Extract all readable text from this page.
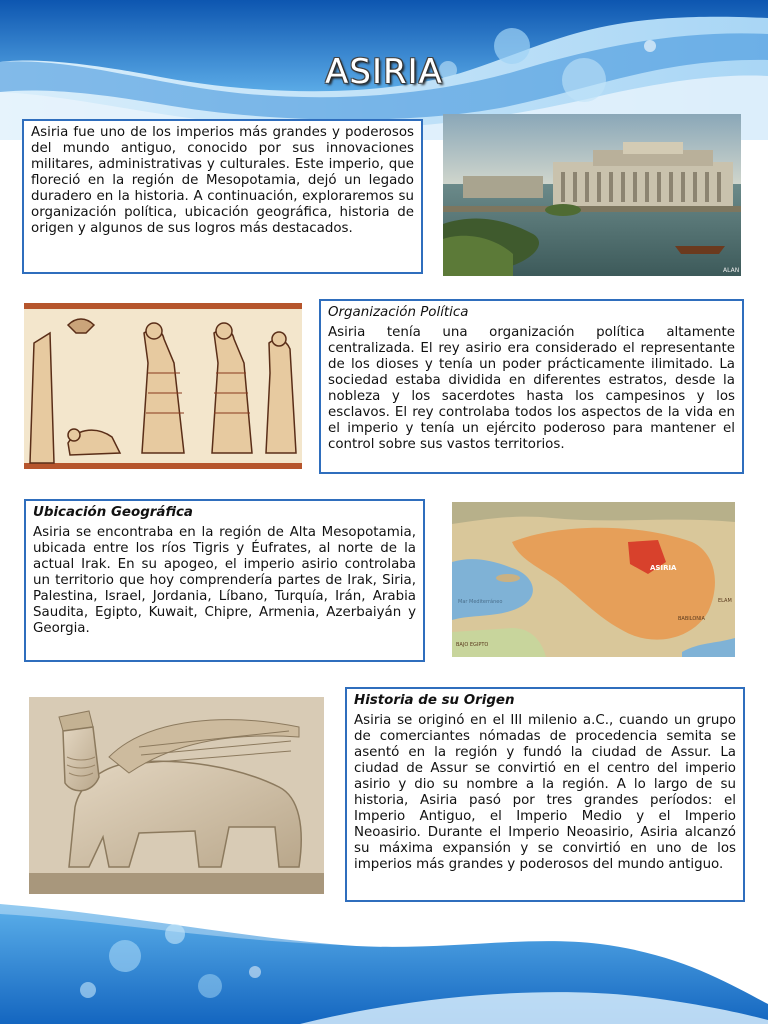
ASIRIA

Asiria fue uno de los imperios más grandes y poderosos del mundo antiguo, conocido por sus innovaciones militares, administrativas y culturales. Este imperio, que floreció en la región de Mesopotamia, dejó un legado duradero en la historia. A continuación, exploraremos su organización política, ubicación geográfica, historia de origen y algunos de sus logros más destacados.

ALAN
Organización Política

Asiria tenía una organización política altamente centralizada. El rey asirio era considerado el representante de los dioses y tenía un poder prácticamente ilimitado. La sociedad estaba dividida en diferentes estratos, desde la nobleza y los sacerdotes hasta los campesinos y los esclavos. El rey controlaba todos los aspectos de la vida en el imperio y tenía un ejército poderoso para mantener el control sobre sus vastos territorios.

Ubicación Geográfica

Asiria se encontraba en la región de Alta Mesopotamia, ubicada entre los ríos Tigris y Éufrates, al norte de la actual Irak. En su apogeo, el imperio asirio controlaba un territorio que hoy comprendería partes de Irak, Siria, Palestina, Israel, Jordania, Líbano, Turquía, Irán, Arabia Saudita, Egipto, Kuwait, Chipre, Armenia, Azerbaiyán y Georgia.

ASIRIA
Mar Mediterráneo	ELAM
BABILONIA
BAJO EGIPTO
Historia de su Origen

Asiria se originó en el III milenio a.C., cuando un grupo de comerciantes nómadas de procedencia semita se asentó en la región y fundó la ciudad de Assur. La ciudad de Assur se convirtió en el centro del imperio asirio y dio su nombre a la región. A lo largo de su historia, Asiria pasó por tres grandes períodos: el Imperio Antiguo, el Imperio Medio y el Imperio Neoasirio. Durante el Imperio Neoasirio, Asiria alcanzó su máxima expansión y se convirtió en uno de los imperios más grandes y poderosos del mundo antiguo.
